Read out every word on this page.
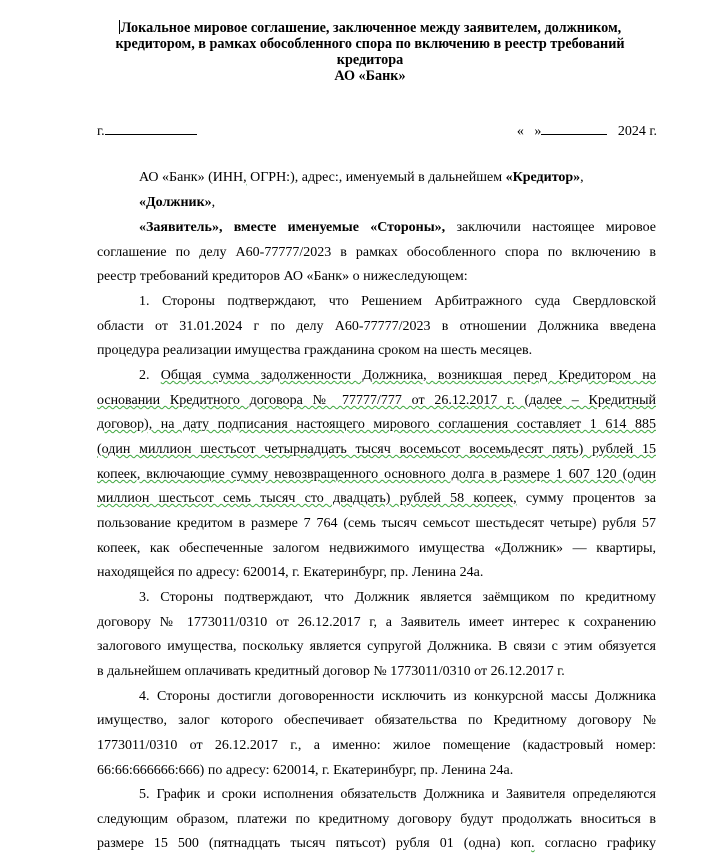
Локальное мировое соглашение, заключенное между заявителем, должником,
кредитором, в рамках обособленного спора по включению в реестр требований
кредитора
АО «Банк»
г.	«   »	2024 г.

АО «Банк» (ИНН, ОГРН:), адрес:, именуемый в дальнейшем «Кредитор»,

«Должник»,

«Заявитель», вместе именуемые «Стороны», заключили настоящее мировое

соглашение по делу А60-77777/2023 в рамках обособленного спора по включению в

реестр требований кредиторов АО «Банк» о нижеследующем:

1. Стороны подтверждают, что Решением Арбитражного суда Свердловской

области от 31.01.2024 г по делу А60-77777/2023 в отношении Должника введена

процедура реализации имущества гражданина сроком на шесть месяцев.

2. Общая сумма задолженности Должника, возникшая перед Кредитором на

основании Кредитного договора № 77777/777 от 26.12.2017 г. (далее – Кредитный

договор), на дату подписания настоящего мирового соглашения составляет 1 614 885

(один миллион шестьсот четырнадцать тысяч восемьсот восемьдесят пять) рублей 15

копеек, включающие сумму невозвращенного основного долга в размере 1 607 120 (один

миллион шестьсот семь тысяч сто двадцать) рублей 58 копеек, сумму процентов за

пользование кредитом в размере 7 764 (семь тысяч семьсот шестьдесят четыре) рубля 57

копеек, как обеспеченные залогом недвижимого имущества «Должник» — квартиры,

находящейся по адресу: 620014, г. Екатеринбург, пр. Ленина 24а.

3. Стороны подтверждают, что Должник является заёмщиком по кредитному

договору № 1773011/0310 от 26.12.2017 г, а Заявитель имеет интерес к сохранению

залогового имущества, поскольку является супругой Должника. В связи с этим обязуется

в дальнейшем оплачивать кредитный договор № 1773011/0310 от 26.12.2017 г.

4. Стороны достигли договоренности исключить из конкурсной массы Должника

имущество, залог которого обеспечивает обязательства по Кредитному договору №

1773011/0310 от 26.12.2017 г., а именно: жилое помещение (кадастровый номер:

66:66:666666:666) по адресу: 620014, г. Екатеринбург, пр. Ленина 24а.

5. График и сроки исполнения обязательств Должника и Заявителя определяются

следующим образом, платежи по кредитному договору будут продолжать вноситься в

размере 15 500 (пятнадцать тысяч пятьсот) рубля 01 (одна) коп. согласно графику
